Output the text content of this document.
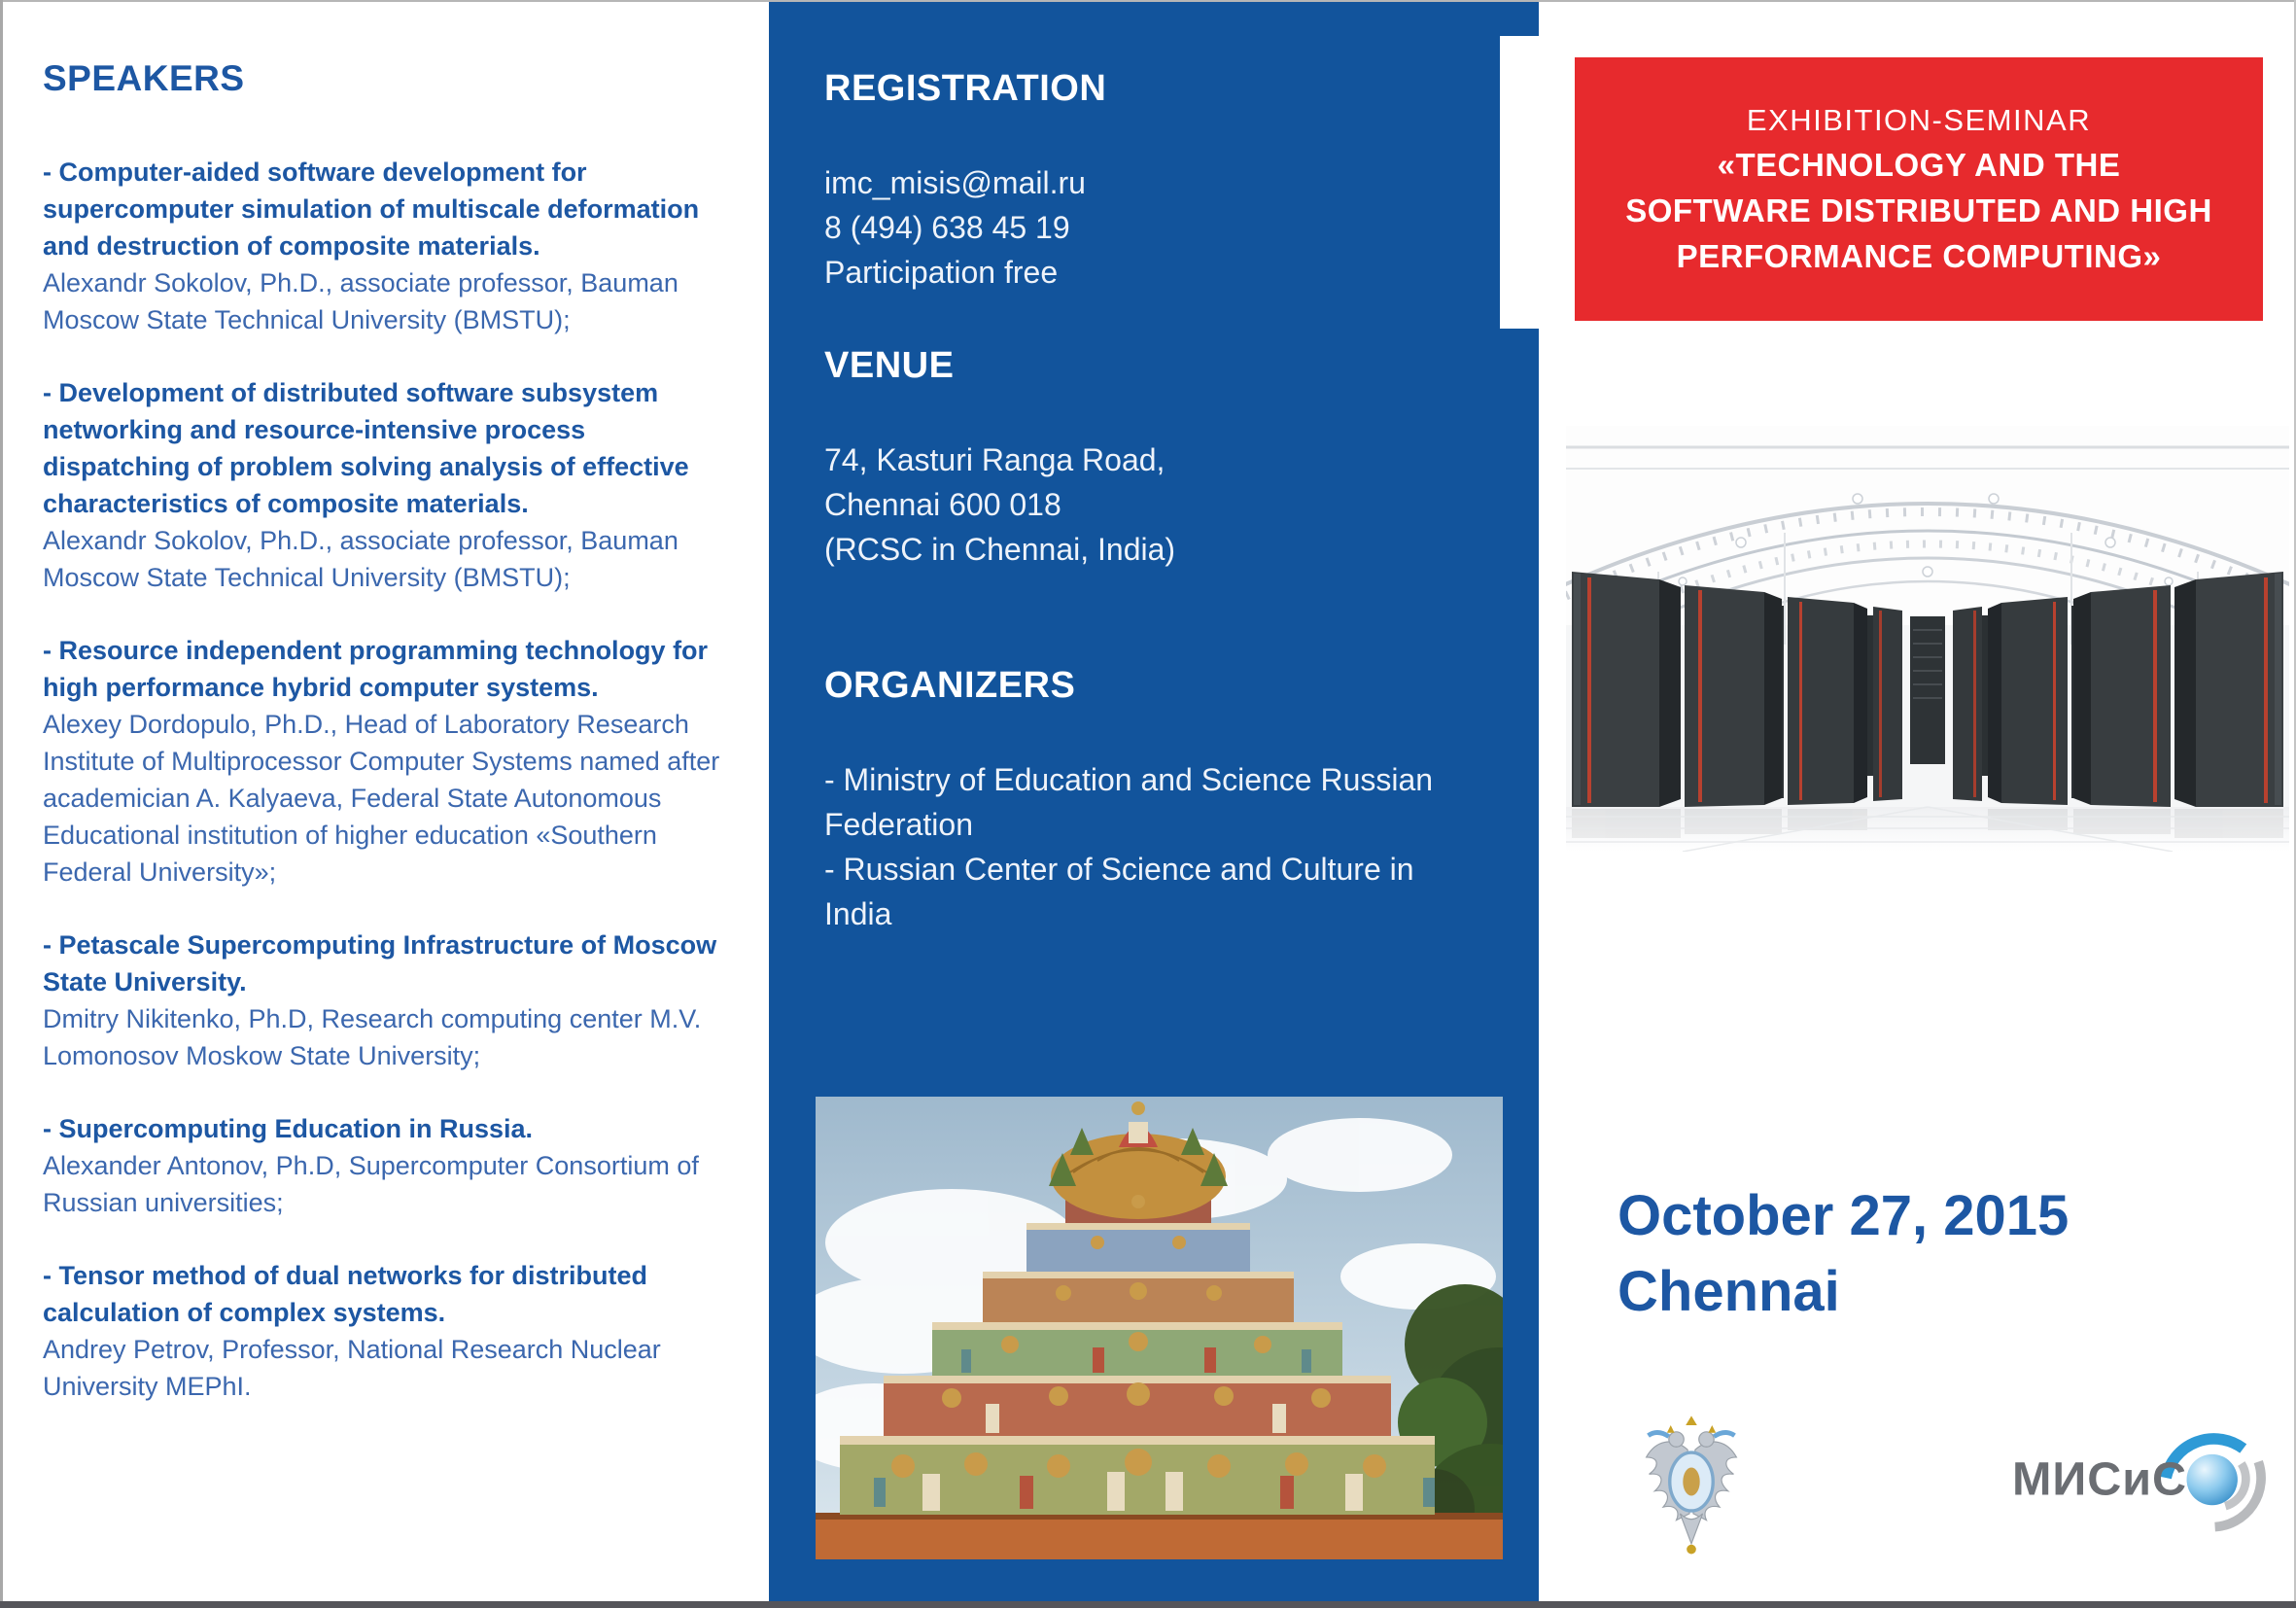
SPEAKERS
- Computer-aided software development for supercomputer simulation of multiscale deformation and destruction of composite materials.
Alexandr Sokolov, Ph.D., associate professor, Bauman Moscow State Technical University (BMSTU);
- Development of distributed software subsystem networking and resource-intensive process dispatching of problem solving analysis of effective characteristics of composite materials.
Alexandr Sokolov, Ph.D., associate professor, Bauman Moscow State Technical University (BMSTU);
- Resource independent programming technology for high performance hybrid computer systems.
Alexey Dordopulo, Ph.D., Head of Laboratory Research Institute of Multiprocessor Computer Systems named after academician A. Kalyaeva, Federal State Autonomous Educational institution of higher education «Southern Federal University»;
- Petascale Supercomputing Infrastructure of Moscow State University.
Dmitry Nikitenko, Ph.D, Research computing center M.V. Lomonosov Moskow State University;
- Supercomputing Education in Russia.
Alexander Antonov, Ph.D, Supercomputer Consortium of Russian universities;
- Tensor method of dual networks for distributed calculation of complex systems.
Andrey Petrov, Professor, National Research Nuclear University MEPhI.
REGISTRATION
imc_misis@mail.ru
8 (494) 638 45 19
Participation free
VENUE
74, Kasturi Ranga Road,
Chennai 600 018
(RCSC in Chennai, India)
ORGANIZERS
- Ministry of Education and Science Russian Federation
- Russian Center of Science and Culture in India
EXHIBITION-SEMINAR
«TECHNOLOGY AND THE
SOFTWARE DISTRIBUTED AND HIGH
PERFORMANCE COMPUTING»
October 27, 2015
Chennai
МИСиС
